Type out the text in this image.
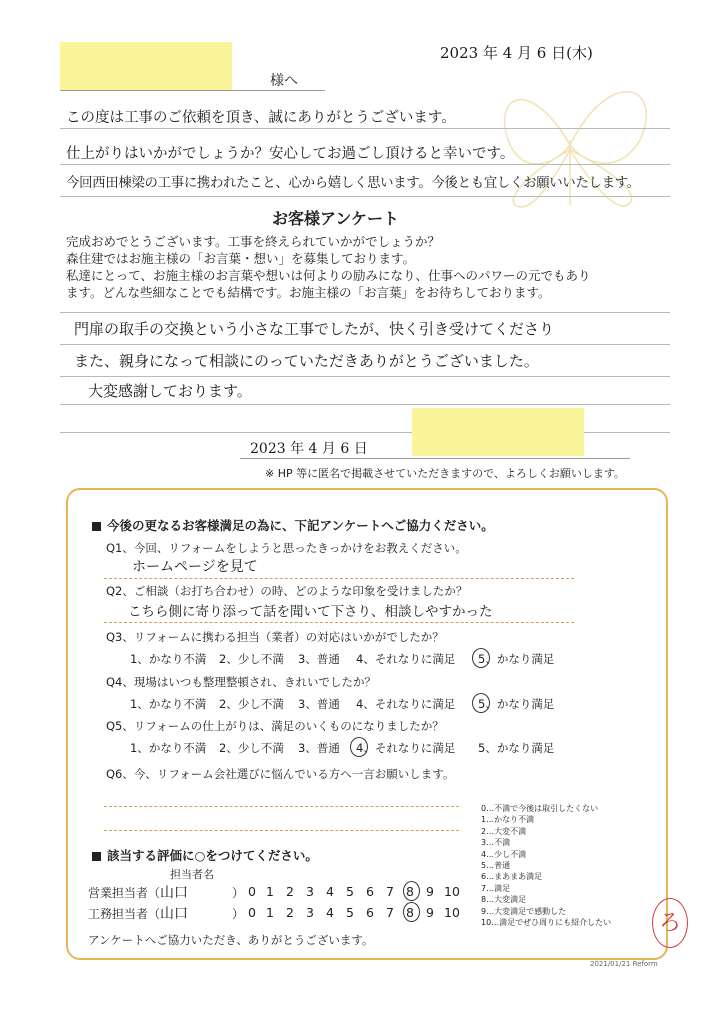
2023 年 4 月 6 日(木)
様へ
この度は工事のご依頼を頂き、誠にありがとうございます。
仕上がりはいかがでしょうか？安心してお過ごし頂けると幸いです。
今回西田棟梁の工事に携われたこと、心から嬉しく思います。今後とも宜しくお願いいたします。
お客様アンケート
完成おめでとうございます。工事を終えられていかがでしょうか？
森住建ではお施主様の「お言葉・想い」を募集しております。
私達にとって、お施主様のお言葉や想いは何よりの励みになり、仕事へのパワーの元でもあり
ます。どんな些細なことでも結構です。お施主様の「お言葉」をお待ちしております。
門扉の取手の交換という小さな工事でしたが、快く引き受けてくださり
また、親身になって相談にのっていただきありがとうございました。
大変感謝しております。
2023 年 4 月 6 日
※ HP 等に匿名で掲載させていただきますので、よろしくお願いします。
今後の更なるお客様満足の為に、下記アンケートへご協力ください。
Q1、今回、リフォームをしようと思ったきっかけをお教えください。
ホームページを見て
Q2、ご相談（お打ち合わせ）の時、どのような印象を受けましたか？
こちら側に寄り添って話を聞いて下さり、相談しやすかった
Q3、リフォームに携わる担当（業者）の対応はいかがでしたか？
1、かなり不満 2、少し不満 3、普通 4、それなりに満足 5、かなり満足
Q4、現場はいつも整理整頓され、きれいでしたか？
1、かなり不満 2、少し不満 3、普通 4、それなりに満足 5、かなり満足
Q5、リフォームの仕上がりは、満足のいくものになりましたか？
1、かなり不満 2、少し不満 3、普通 4、それなりに満足 5、かなり満足
Q6、今、リフォーム会社選びに悩んでいる方へ一言お願いします。
0…不満で今後は取引したくない
1…かなり不満
2…大変不満
3…不満
4…少し不満
5…普通
6…まあまあ満足
7…満足
8…大変満足
9…大変満足で感動した
10…満足でぜひ周りにも紹介したい
該当する評価に○をつけてください。
担当者名
営業担当者（ 山口	） 0 1 2 3 4 5 6 7 8 9 10
工務担当者（ 山口	） 0 1 2 3 4 5 6 7 8 9 10
アンケートへご協力いただき、ありがとうございます。
ろ
2021/01/21 Reform
